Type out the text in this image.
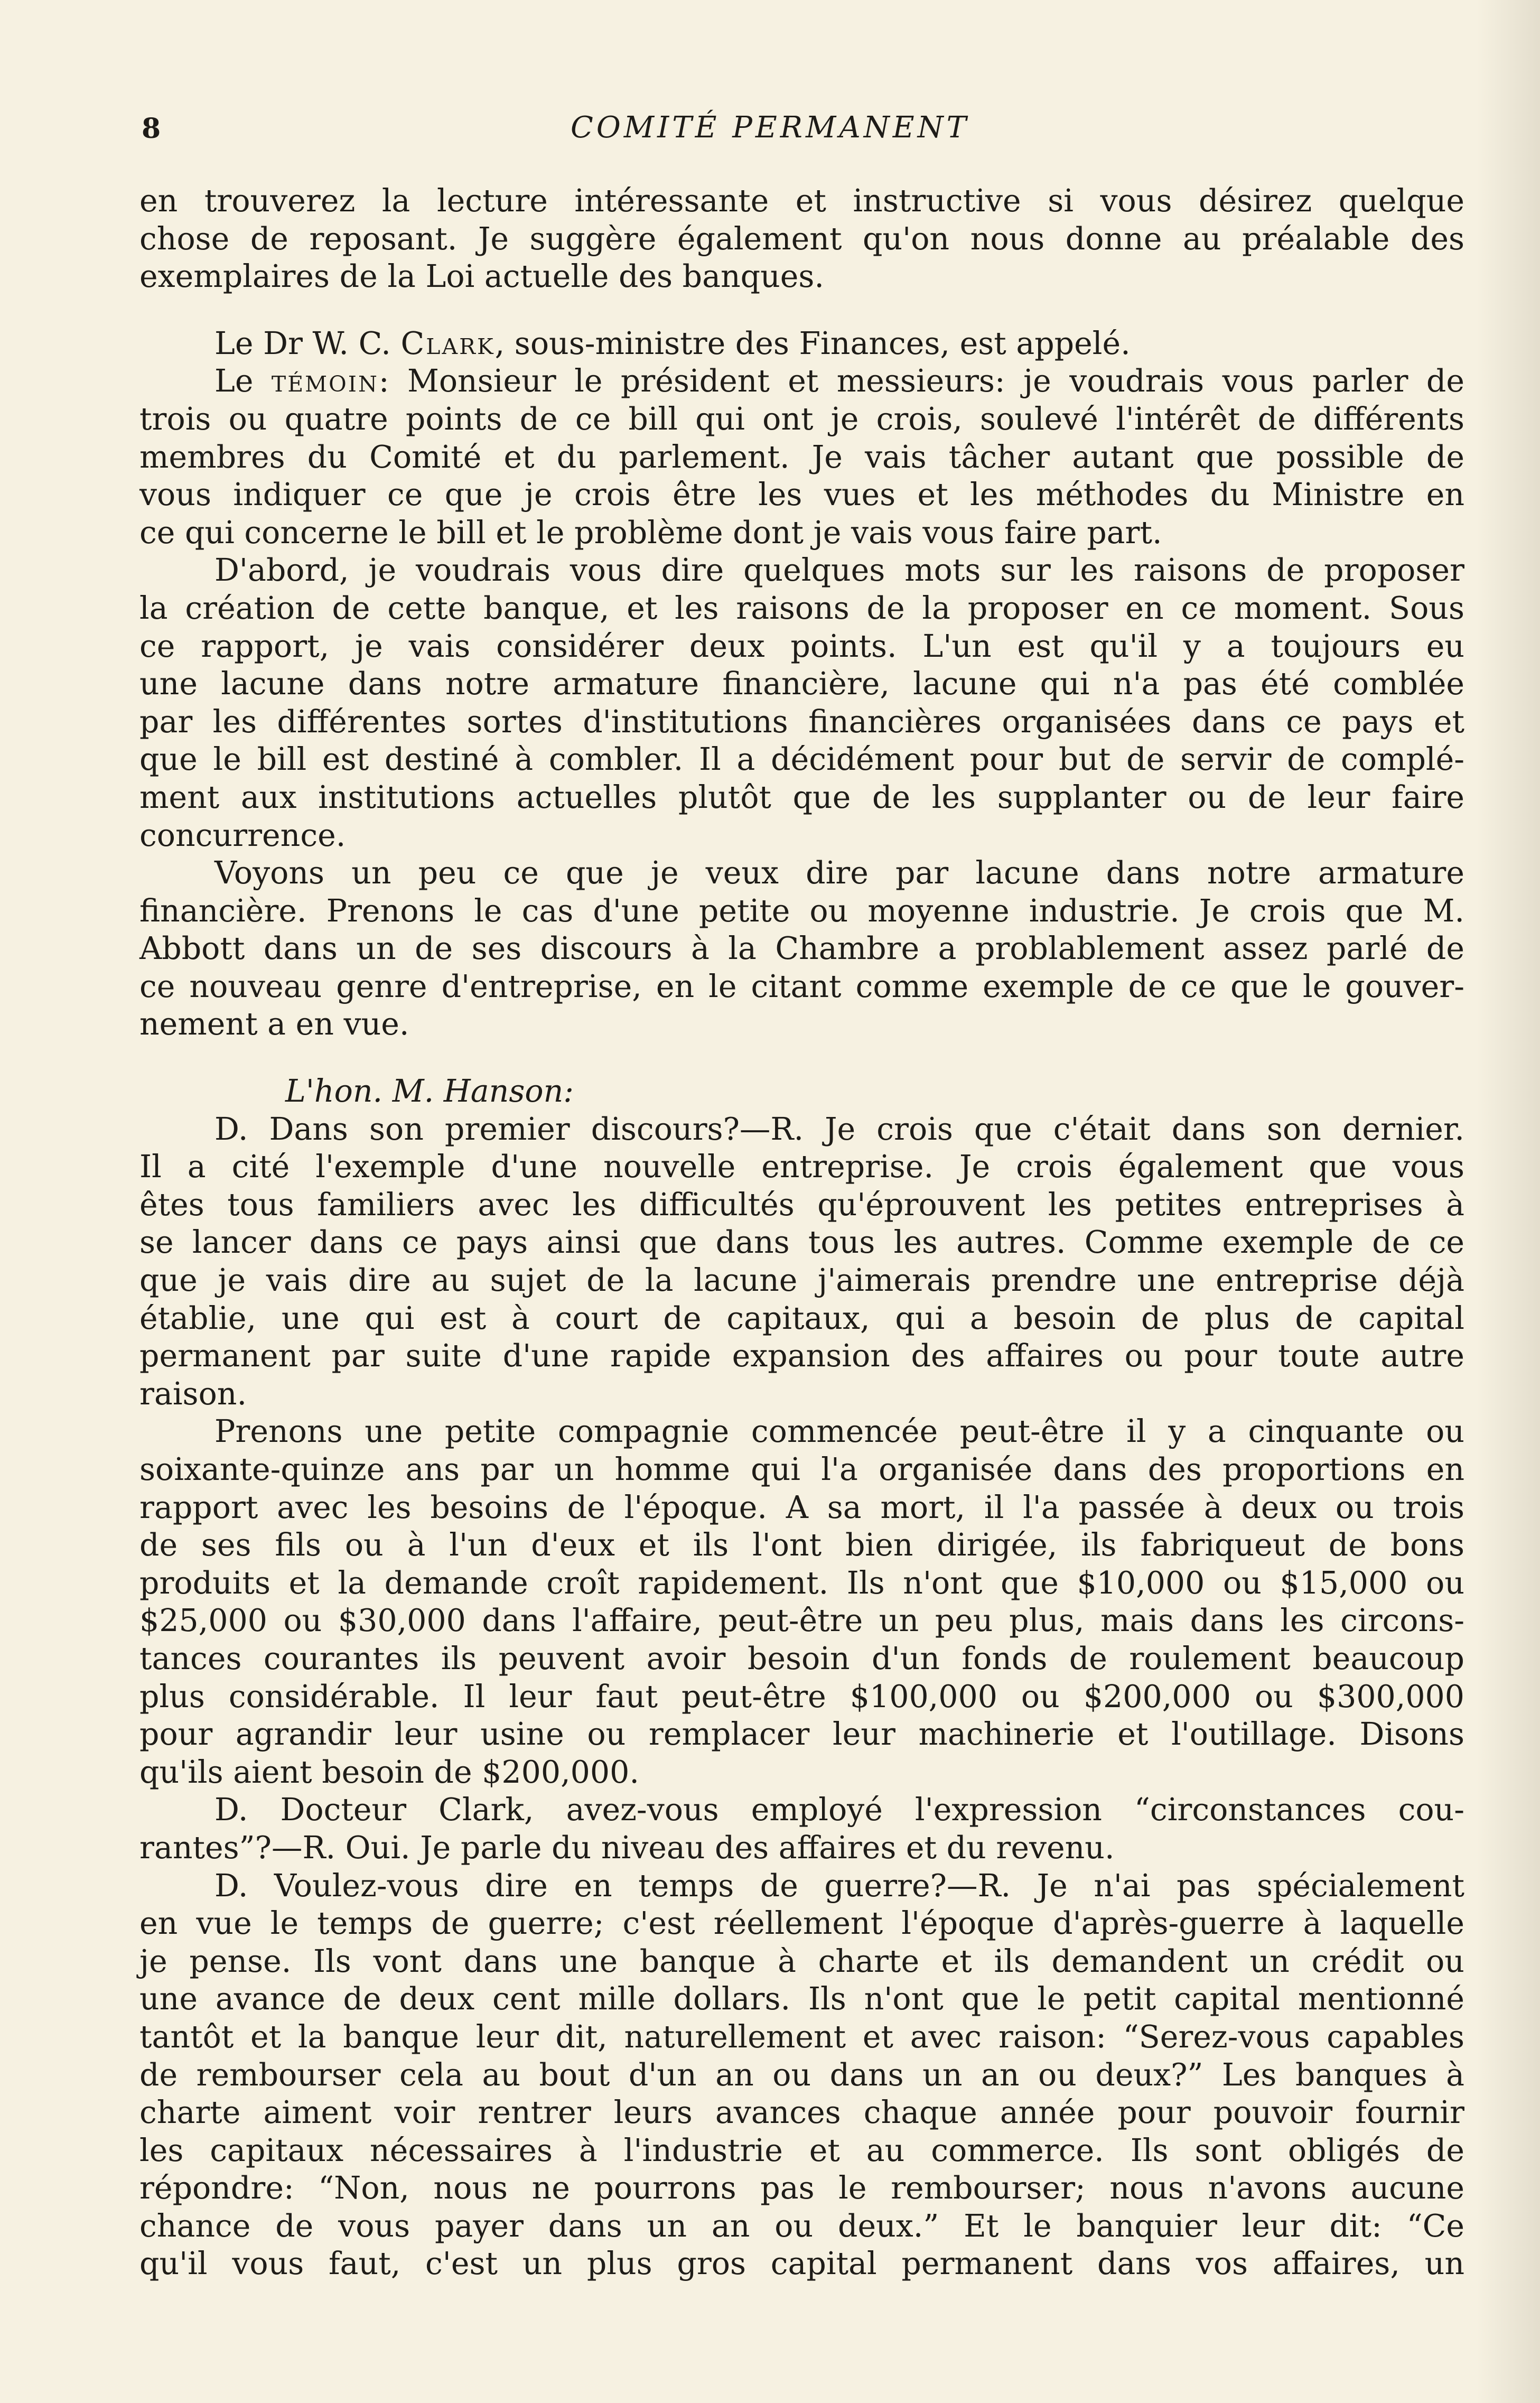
8	COMITÉ PERMANENT
en trouverez la lecture intéressante et instructive si vous désirez quelque
chose de reposant. Je suggère également qu'on nous donne au préalable des
exemplaires de la Loi actuelle des banques.
Le Dr W. C. Clark, sous-ministre des Finances, est appelé.
Le témoin: Monsieur le président et messieurs: je voudrais vous parler de
trois ou quatre points de ce bill qui ont je crois, soulevé l'intérêt de différents
membres du Comité et du parlement. Je vais tâcher autant que possible de
vous indiquer ce que je crois être les vues et les méthodes du Ministre en
ce qui concerne le bill et le problème dont je vais vous faire part.
D'abord, je voudrais vous dire quelques mots sur les raisons de proposer
la création de cette banque, et les raisons de la proposer en ce moment. Sous
ce rapport, je vais considérer deux points. L'un est qu'il y a toujours eu
une lacune dans notre armature financière, lacune qui n'a pas été comblée
par les différentes sortes d'institutions financières organisées dans ce pays et
que le bill est destiné à combler. Il a décidément pour but de servir de complé-
ment aux institutions actuelles plutôt que de les supplanter ou de leur faire
concurrence.
Voyons un peu ce que je veux dire par lacune dans notre armature
financière. Prenons le cas d'une petite ou moyenne industrie. Je crois que M.
Abbott dans un de ses discours à la Chambre a problablement assez parlé de
ce nouveau genre d'entreprise, en le citant comme exemple de ce que le gouver-
nement a en vue.
L'hon. M. Hanson:
D. Dans son premier discours?—R. Je crois que c'était dans son dernier.
Il a cité l'exemple d'une nouvelle entreprise. Je crois également que vous
êtes tous familiers avec les difficultés qu'éprouvent les petites entreprises à
se lancer dans ce pays ainsi que dans tous les autres. Comme exemple de ce
que je vais dire au sujet de la lacune j'aimerais prendre une entreprise déjà
établie, une qui est à court de capitaux, qui a besoin de plus de capital
permanent par suite d'une rapide expansion des affaires ou pour toute autre
raison.
Prenons une petite compagnie commencée peut-être il y a cinquante ou
soixante-quinze ans par un homme qui l'a organisée dans des proportions en
rapport avec les besoins de l'époque. A sa mort, il l'a passée à deux ou trois
de ses fils ou à l'un d'eux et ils l'ont bien dirigée, ils fabriqueut de bons
produits et la demande croît rapidement. Ils n'ont que $10,000 ou $15,000 ou
$25,000 ou $30,000 dans l'affaire, peut-être un peu plus, mais dans les circons-
tances courantes ils peuvent avoir besoin d'un fonds de roulement beaucoup
plus considérable. Il leur faut peut-être $100,000 ou $200,000 ou $300,000
pour agrandir leur usine ou remplacer leur machinerie et l'outillage. Disons
qu'ils aient besoin de $200,000.
D. Docteur Clark, avez-vous employé l'expression “circonstances cou-
rantes”?—R. Oui. Je parle du niveau des affaires et du revenu.
D. Voulez-vous dire en temps de guerre?—R. Je n'ai pas spécialement
en vue le temps de guerre; c'est réellement l'époque d'après-guerre à laquelle
je pense. Ils vont dans une banque à charte et ils demandent un crédit ou
une avance de deux cent mille dollars. Ils n'ont que le petit capital mentionné
tantôt et la banque leur dit, naturellement et avec raison: “Serez-vous capables
de rembourser cela au bout d'un an ou dans un an ou deux?” Les banques à
charte aiment voir rentrer leurs avances chaque année pour pouvoir fournir
les capitaux nécessaires à l'industrie et au commerce. Ils sont obligés de
répondre: “Non, nous ne pourrons pas le rembourser; nous n'avons aucune
chance de vous payer dans un an ou deux.” Et le banquier leur dit: “Ce
qu'il vous faut, c'est un plus gros capital permanent dans vos affaires, un
